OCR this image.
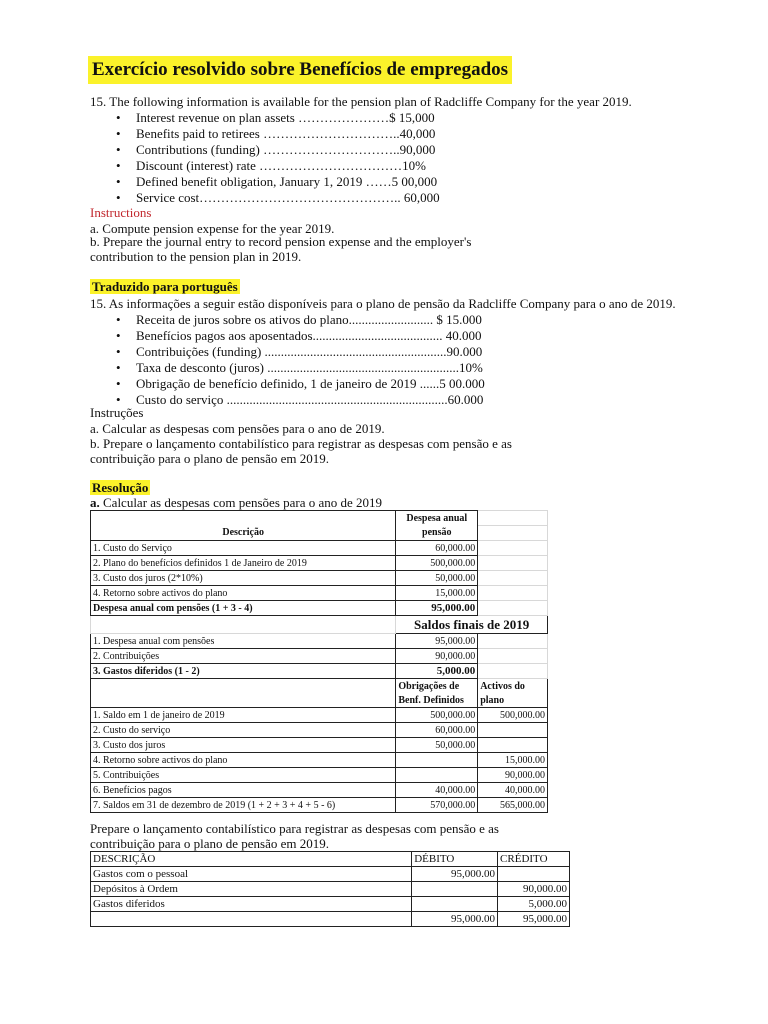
Exercício resolvido sobre Benefícios de empregados
15. The following information is available for the pension plan of Radcliffe Company for the year 2019.
• Interest revenue on plan assets …………………$ 15,000
• Benefits paid to retirees …………………………..40,000
• Contributions (funding) …………………………..90,000
• Discount (interest) rate ……………………………10%
• Defined benefit obligation, January 1, 2019 ……5 00,000
• Service cost……………………………………….. 60,000
Instructions
a. Compute pension expense for the year 2019.
b. Prepare the journal entry to record pension expense and the employer's
contribution to the pension plan in 2019.
Traduzido para português
15. As informações a seguir estão disponíveis para o plano de pensão da Radcliffe Company para o ano de 2019.
• Receita de juros sobre os ativos do plano.......................... $ 15.000
• Benefícios pagos aos aposentados........................................ 40.000
• Contribuições (funding) ........................................................90.000
• Taxa de desconto (juros) ...........................................................10%
• Obrigação de benefício definido, 1 de janeiro de 2019 ......5 00.000
• Custo do serviço ....................................................................60.000
Instruções
a. Calcular as despesas com pensões para o ano de 2019.
b. Prepare o lançamento contabilístico para registrar as despesas com pensão e as
contribuição para o plano de pensão em 2019.
Resolução
a. Calcular as despesas com pensões para o ano de 2019
	Despesa anual	
Descrição	pensão	
1. Custo do Serviço	60,000.00	
2. Plano do benefícios definidos 1 de Janeiro de 2019	500,000.00	
3. Custo dos juros (2*10%)	50,000.00	
4. Retorno sobre activos do plano	15,000.00	
Despesa anual com pensões (1 + 3 - 4)	95,000.00	
	Saldos finais de 2019	
1. Despesa anual com pensões	95,000.00	
2. Contribuições	90,000.00	
3. Gastos diferidos (1 - 2)	5,000.00	
	Obrigações de	Activos do
	Benf. Definidos	plano
1. Saldo em 1 de janeiro de 2019	500,000.00	500,000.00
2. Custo do serviço	60,000.00	
3. Custo dos juros	50,000.00	
4. Retorno sobre activos do plano		15,000.00
5. Contribuições		90,000.00
6. Benefícios pagos	40,000.00	40,000.00
7. Saldos em 31 de dezembro de 2019 (1 + 2 + 3 + 4 + 5 - 6)	570,000.00	565,000.00
Prepare o lançamento contabilístico para registrar as despesas com pensão e as
contribuição para o plano de pensão em 2019.
DESCRIÇÃO	DÉBITO	CRÉDITO
Gastos com o pessoal	95,000.00	
Depósitos à Ordem		90,000.00
Gastos diferidos		5,000.00
	95,000.00	95,000.00
